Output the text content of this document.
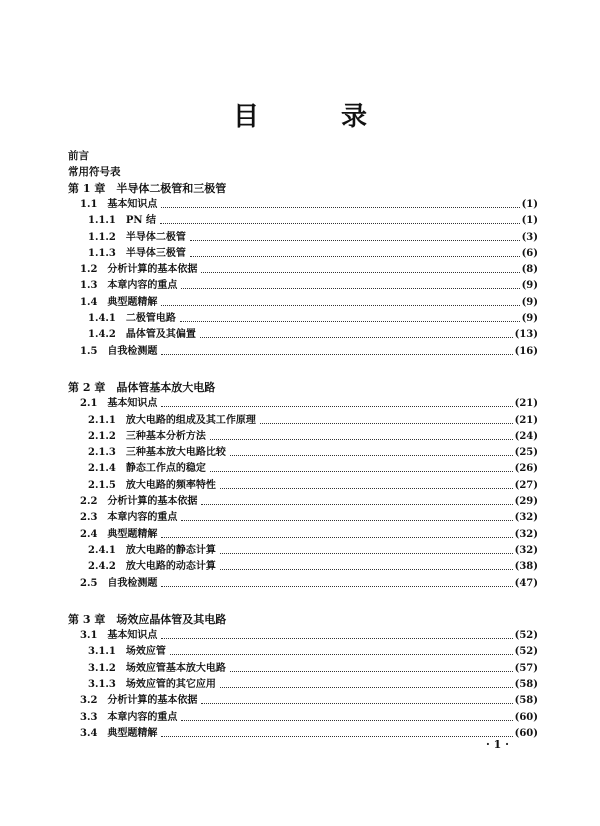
目　录
前言
常用符号表
第 1 章　半导体二极管和三极管
1.1　基本知识点	(1)
1.1.1　PN 结	(1)
1.1.2　半导体二极管	(3)
1.1.3　半导体三极管	(6)
1.2　分析计算的基本依据	(8)
1.3　本章内容的重点	(9)
1.4　典型题精解	(9)
1.4.1　二极管电路	(9)
1.4.2　晶体管及其偏置	(13)
1.5　自我检测题	(16)
第 2 章　晶体管基本放大电路
2.1　基本知识点	(21)
2.1.1　放大电路的组成及其工作原理	(21)
2.1.2　三种基本分析方法	(24)
2.1.3　三种基本放大电路比较	(25)
2.1.4　静态工作点的稳定	(26)
2.1.5　放大电路的频率特性	(27)
2.2　分析计算的基本依据	(29)
2.3　本章内容的重点	(32)
2.4　典型题精解	(32)
2.4.1　放大电路的静态计算	(32)
2.4.2　放大电路的动态计算	(38)
2.5　自我检测题	(47)
第 3 章　场效应晶体管及其电路
3.1　基本知识点	(52)
3.1.1　场效应管	(52)
3.1.2　场效应管基本放大电路	(57)
3.1.3　场效应管的其它应用	(58)
3.2　分析计算的基本依据	(58)
3.3　本章内容的重点	(60)
3.4　典型题精解	(60)
· 1 ·
